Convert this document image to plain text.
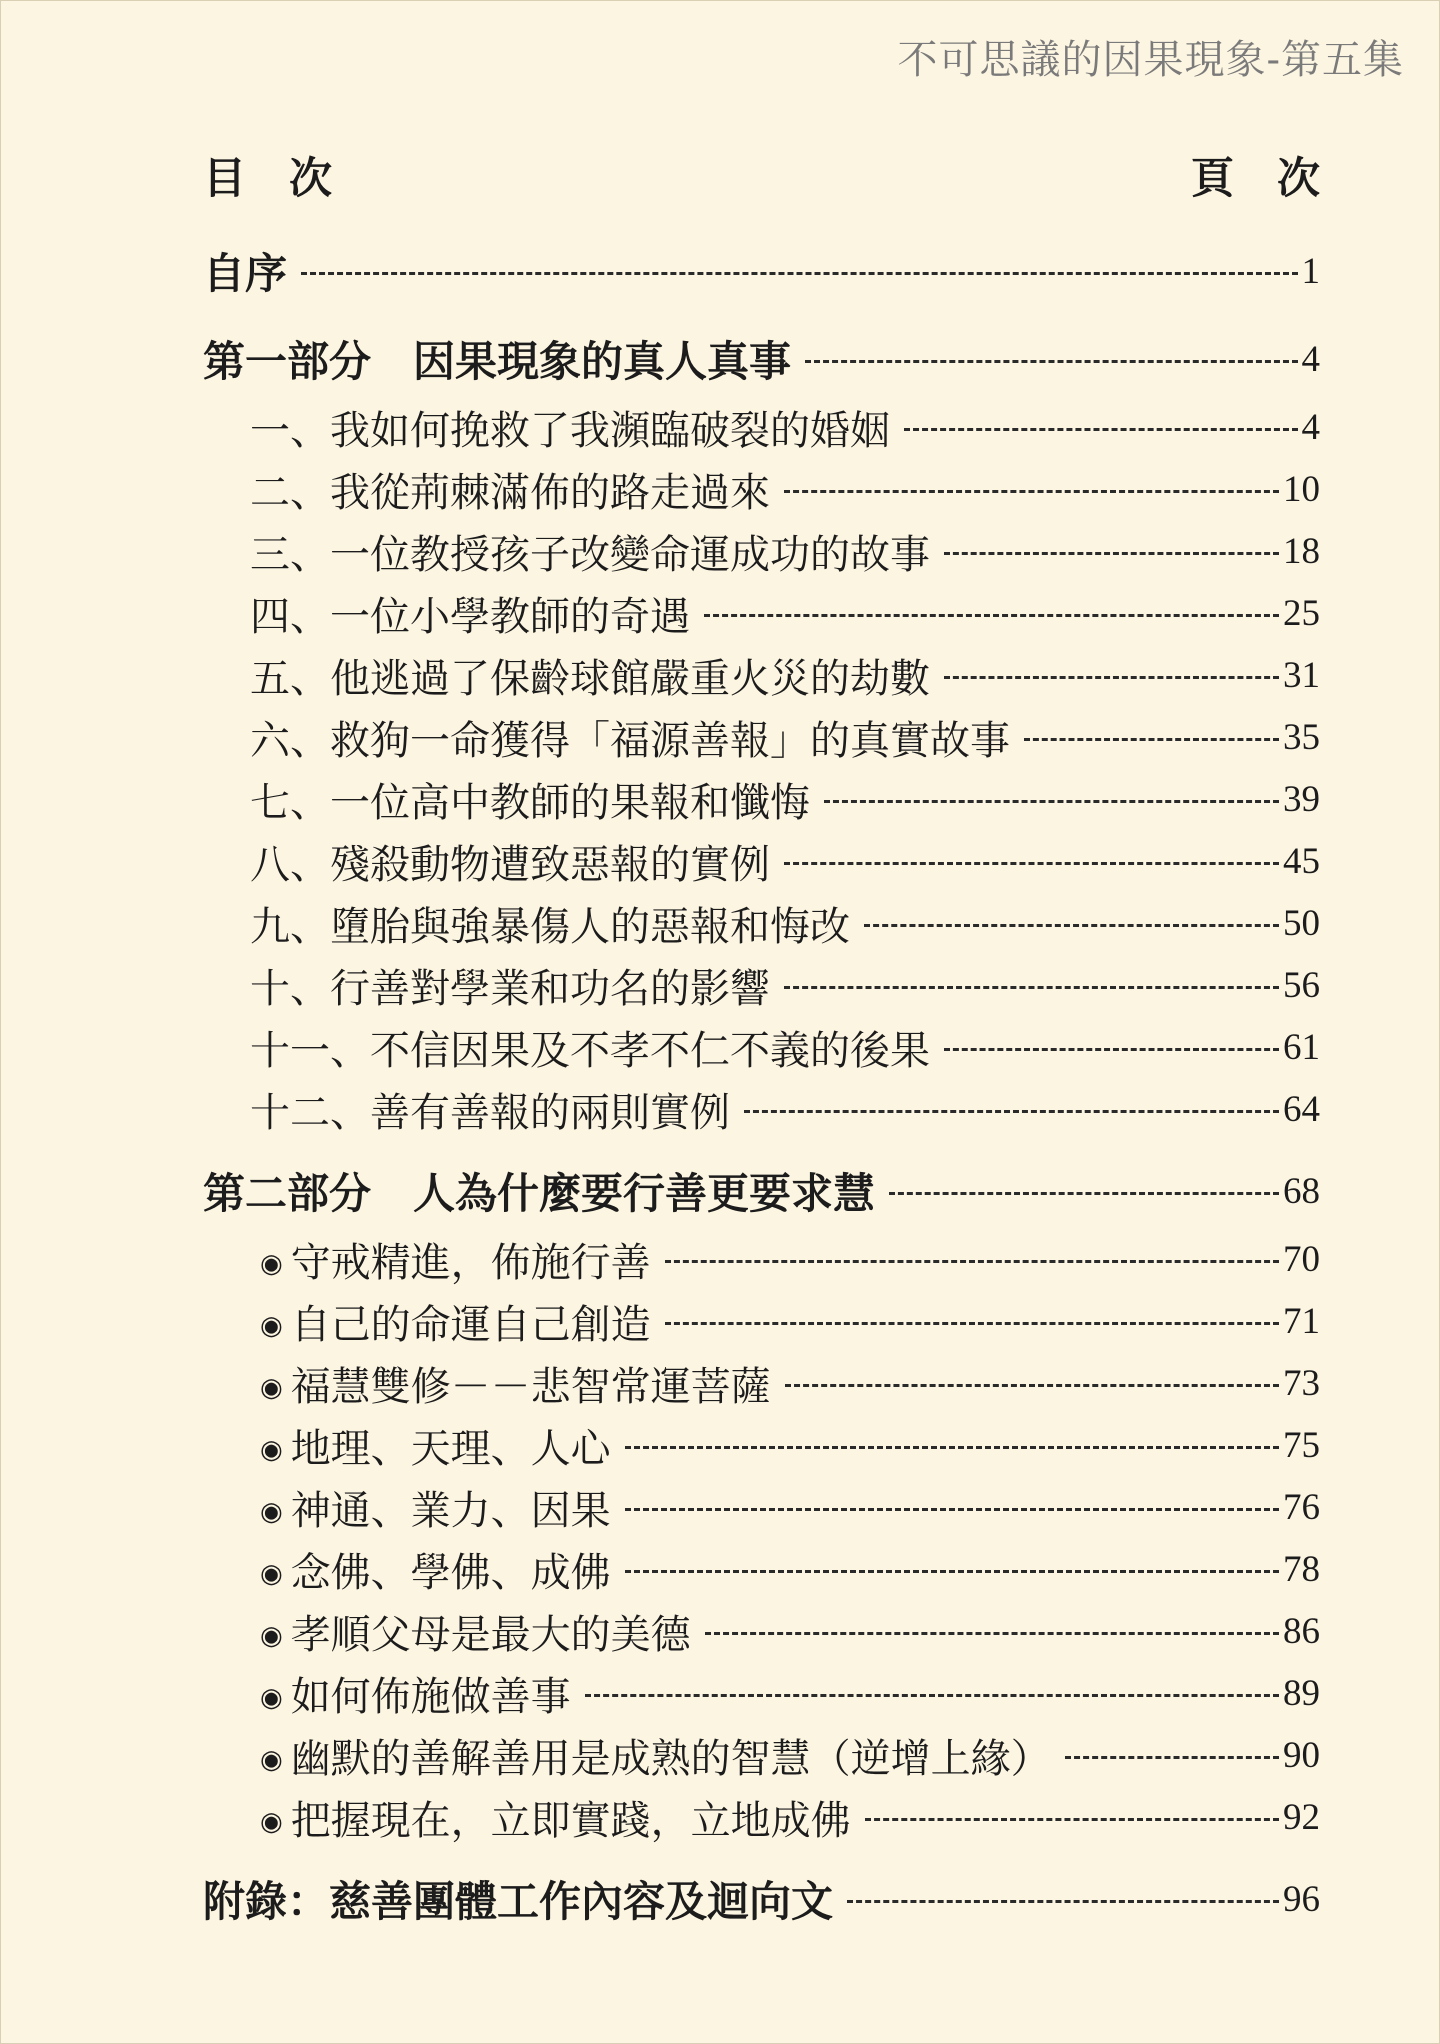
不可思議的因果現象-第五集
目　次	頁　次
自序	1
第一部分　因果現象的真人真事	4
一、我如何挽救了我瀕臨破裂的婚姻	4
二、我從荊棘滿佈的路走過來	10
三、一位教授孩子改變命運成功的故事	18
四、一位小學教師的奇遇	25
五、他逃過了保齡球館嚴重火災的劫數	31
六、救狗一命獲得「福源善報」的真實故事	35
七、一位高中教師的果報和懺悔	39
八、殘殺動物遭致惡報的實例	45
九、墮胎與強暴傷人的惡報和悔改	50
十、行善對學業和功名的影響	56
十一、不信因果及不孝不仁不義的後果	61
十二、善有善報的兩則實例	64
第二部分　人為什麼要行善更要求慧	68
◉ 守戒精進，佈施行善	70
◉ 自己的命運自己創造	71
◉ 福慧雙修－－悲智常運菩薩	73
◉ 地理、天理、人心	75
◉ 神通、業力、因果	76
◉ 念佛、學佛、成佛	78
◉ 孝順父母是最大的美德	86
◉ 如何佈施做善事	89
◉ 幽默的善解善用是成熟的智慧（逆增上緣）	90
◉ 把握現在，立即實踐，立地成佛	92
附錄：慈善團體工作內容及迴向文	96
